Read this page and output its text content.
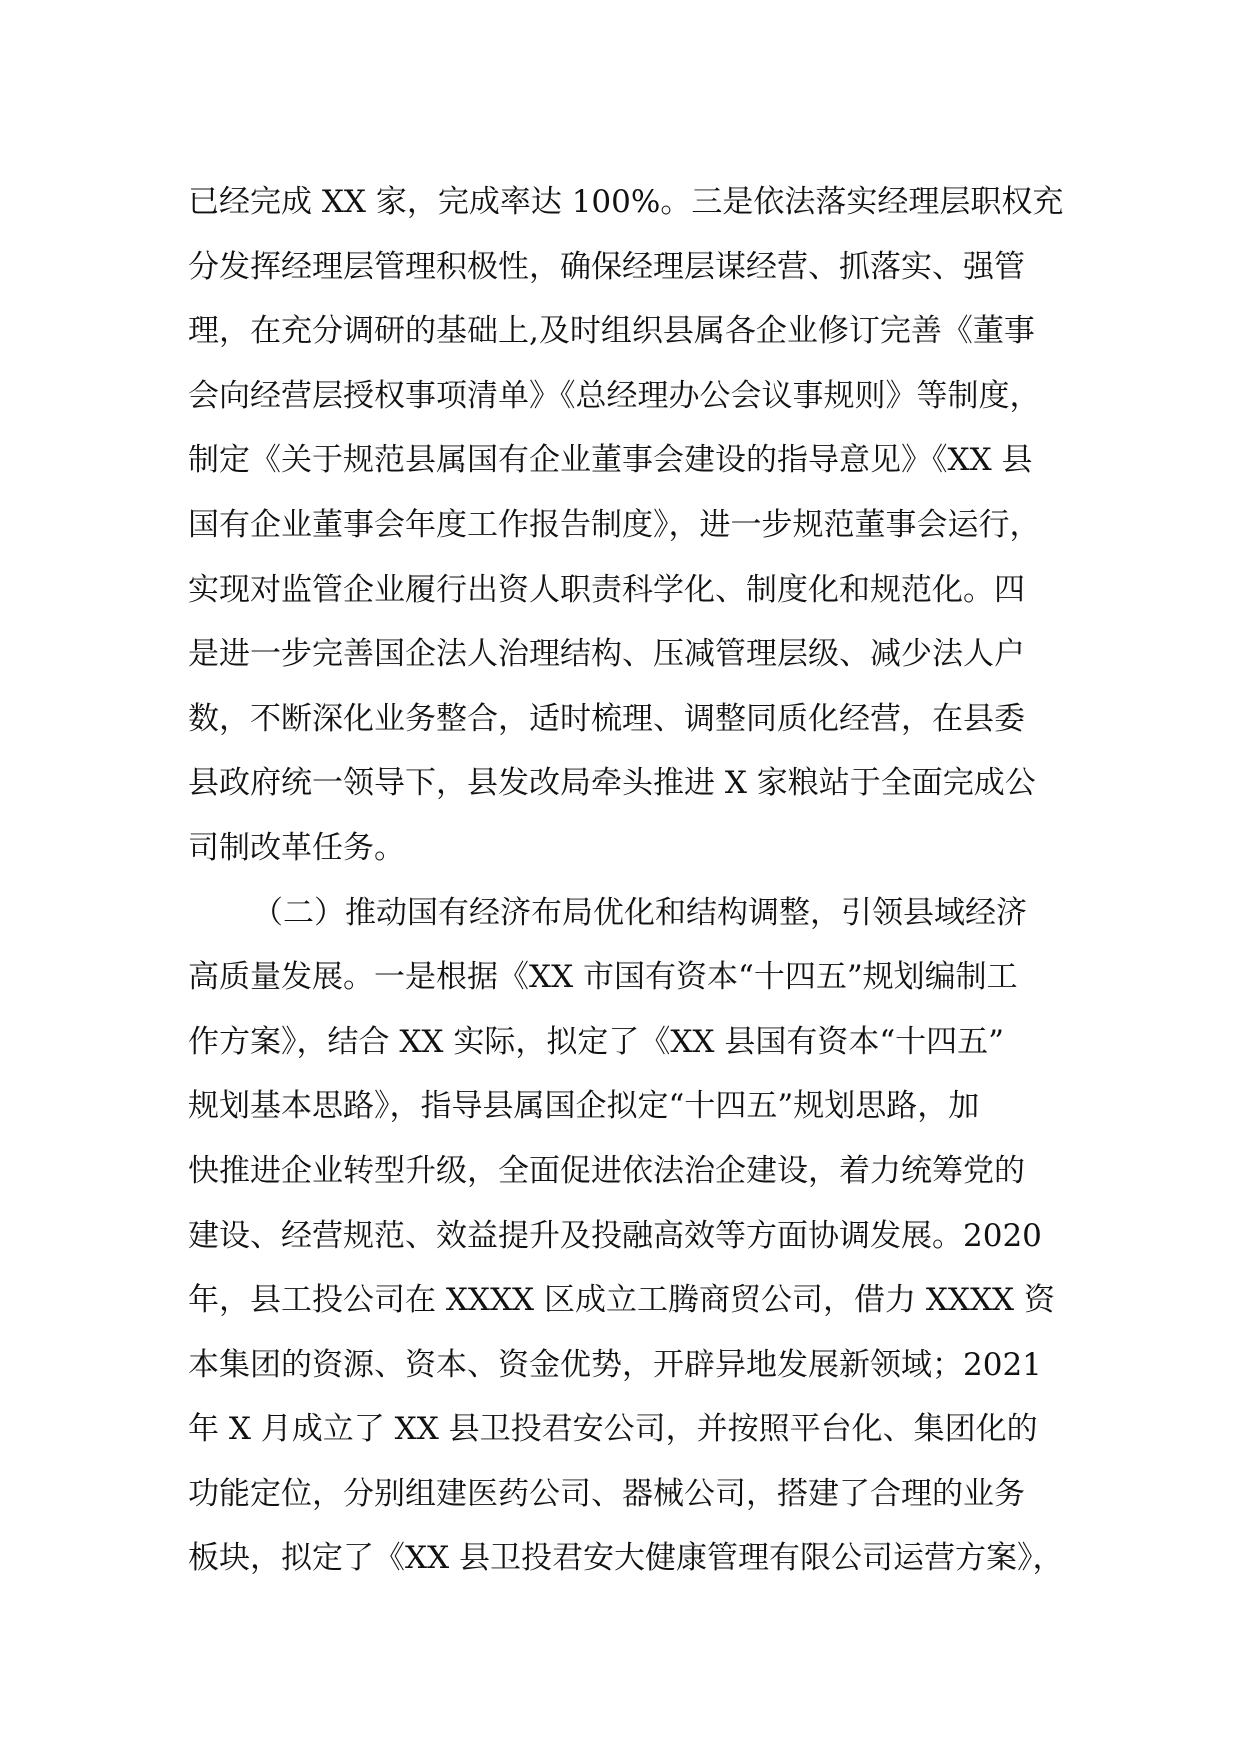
已经完成 XX 家，完成率达 100%。三是依法落实经理层职权充
分发挥经理层管理积极性，确保经理层谋经营、抓落实、强管
理，在充分调研的基础上,及时组织县属各企业修订完善《董事
会向经营层授权事项清单》《总经理办公会议事规则》等制度，
制定《关于规范县属国有企业董事会建设的指导意见》《XX 县
国有企业董事会年度工作报告制度》，进一步规范董事会运行，
实现对监管企业履行出资人职责科学化、制度化和规范化。四
是进一步完善国企法人治理结构、压减管理层级、减少法人户
数，不断深化业务整合，适时梳理、调整同质化经营，在县委
县政府统一领导下，县发改局牵头推进 X 家粮站于全面完成公
司制改革任务。
（二）推动国有经济布局优化和结构调整，引领县域经济
高质量发展。一是根据《XX 市国有资本“十四五”规划编制工
作方案》，结合 XX 实际，拟定了《XX 县国有资本“十四五”
规划基本思路》，指导县属国企拟定“十四五”规划思路，加
快推进企业转型升级，全面促进依法治企建设，着力统筹党的
建设、经营规范、效益提升及投融高效等方面协调发展。2020
年，县工投公司在 XXXX 区成立工腾商贸公司，借力 XXXX 资
本集团的资源、资本、资金优势，开辟异地发展新领域；2021
年 X 月成立了 XX 县卫投君安公司，并按照平台化、集团化的
功能定位，分别组建医药公司、器械公司，搭建了合理的业务
板块，拟定了《XX 县卫投君安大健康管理有限公司运营方案》，
